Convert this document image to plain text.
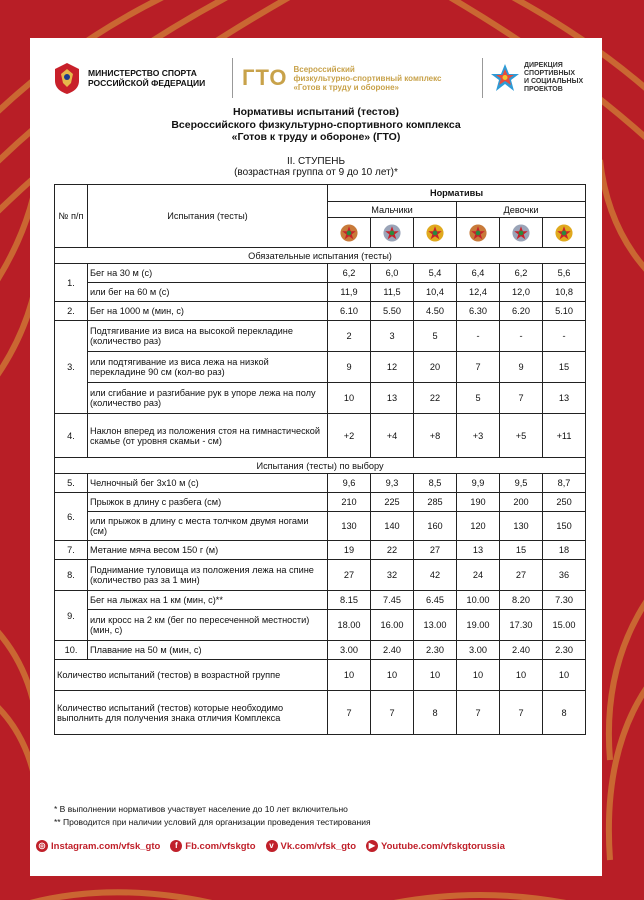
МИНИСТЕРСТВО СПОРТА
РОССИЙСКОЙ ФЕДЕРАЦИИ ГТО Всероссийский
физкультурно-спортивный комплекс
«Готов к труду и обороне»
ДИРЕКЦИЯ
СПОРТИВНЫХ
И СОЦИАЛЬНЫХ
ПРОЕКТОВ
Нормативы испытаний (тестов)
Всероссийского физкультурно-спортивного комплекса
«Готов к труду и обороне» (ГТО)
II. СТУПЕНЬ
(возрастная группа от 9 до 10 лет)*
№ п/п	Испытания (тесты)	Нормативы					
		Мальчики			Девочки		

Обязательные испытания (тесты)							
1.	Бег на 30 м (с)	6,2	6,0	5,4	6,4	6,2	5,6
	или бег на 60 м (с)	11,9	11,5	10,4	12,4	12,0	10,8
2.	Бег на 1000 м (мин, с)	6.10	5.50	4.50	6.30	6.20	5.10
3.	Подтягивание из виса на высокой перекладине (количество раз)	2	3	5	-	-	-
	или подтягивание из виса лежа на низкой перекладине 90 см (кол-во раз)	9	12	20	7	9	15
	или сгибание и разгибание рук в упоре лежа на полу (количество раз)	10	13	22	5	7	13
4.	Наклон вперед из положения стоя на гимнастической скамье (от уровня скамьи - см)	+2	+4	+8	+3	+5	+11
Испытания (тесты) по выбору							
5.	Челночный бег 3х10 м (с)	9,6	9,3	8,5	9,9	9,5	8,7
6.	Прыжок в длину с разбега (см)	210	225	285	190	200	250
	или прыжок в длину с места толчком двумя ногами (см)	130	140	160	120	130	150
7.	Метание мяча весом 150 г (м)	19	22	27	13	15	18
8.	Поднимание туловища из положения лежа на спине (количество раз за 1 мин)	27	32	42	24	27	36
9.	Бег на лыжах на 1 км (мин, с)**	8.15	7.45	6.45	10.00	8.20	7.30
	или кросс на 2 км (бег по пересеченной местности) (мин, с)	18.00	16.00	13.00	19.00	17.30	15.00
10.	Плавание на 50 м (мин, с)	3.00	2.40	2.30	3.00	2.40	2.30
Количество испытаний (тестов) в возрастной группе		10	10	10	10	10	10
Количество испытаний (тестов) которые необходимо выполнить для получения знака отличия Комплекса		7	7	8	7	7	8
* В выполнении нормативов участвует население до 10 лет включительно
** Проводится при наличии условий для организации проведения тестирования
◎ Instagram.com/vfsk_gto	f Fb.com/vfskgto	v Vk.com/vfsk_gto	▶ Youtube.com/vfskgtorussia
